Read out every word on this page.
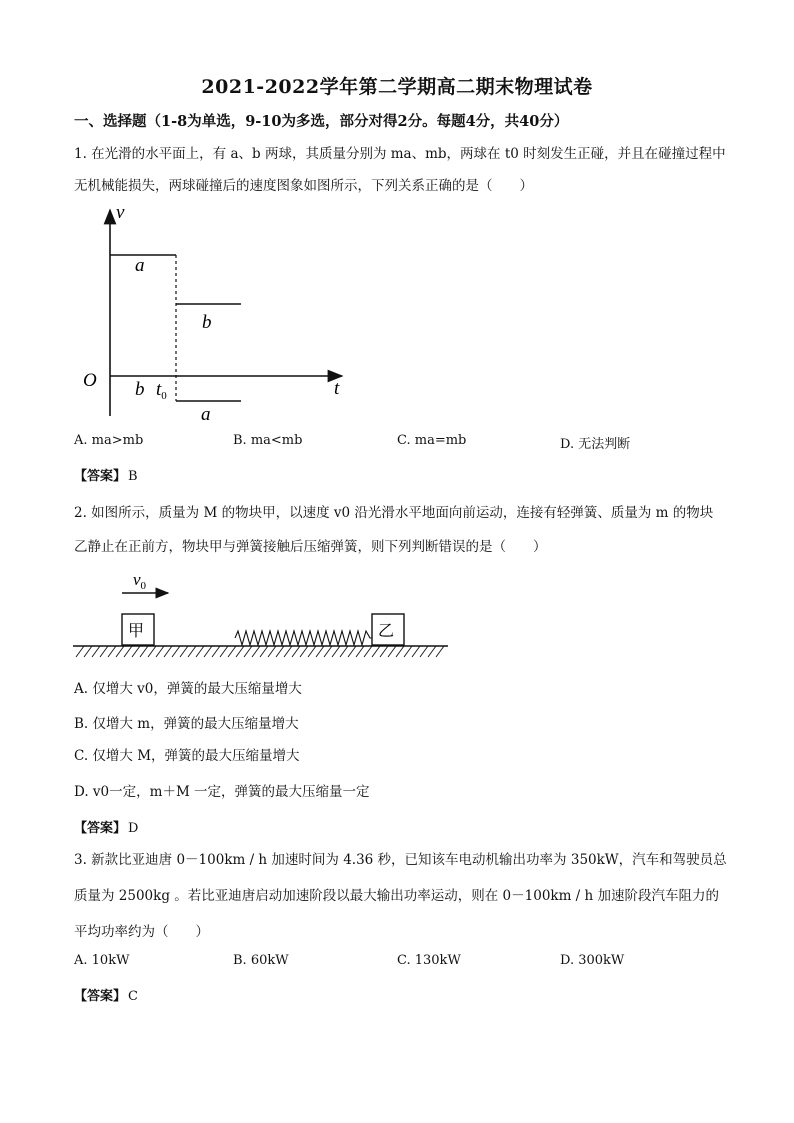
2021-2022学年第二学期高二期末物理试卷
一、选择题（1-8为单选，9-10为多选，部分对得2分。每题4分，共40分）
1. 在光滑的水平面上，有 a、b 两球，其质量分别为 ma、mb，两球在 t0 时刻发生正碰，并且在碰撞过程中
无机械能损失，两球碰撞后的速度图象如图所示，下列关系正确的是（　　）
v
t
O
a
b
b $t_0$
a
A. ma>mb	B. ma<mb	C. ma=mb	D. 无法判断
【答案】 B
2. 如图所示，质量为 M 的物块甲，以速度 v0 沿光滑水平地面向前运动，连接有轻弹簧、质量为 m 的物块
乙静止在正前方，物块甲与弹簧接触后压缩弹簧，则下列判断错误的是（　　）
$v_0$
甲	乙
A. 仅增大 v0，弹簧的最大压缩量增大
B. 仅增大 m，弹簧的最大压缩量增大
C. 仅增大 M，弹簧的最大压缩量增大
D. v0一定，m＋M 一定，弹簧的最大压缩量一定
【答案】 D
3. 新款比亚迪唐 0－100km / h 加速时间为 4.36 秒，已知该车电动机输出功率为 350kW，汽车和驾驶员总
质量为 2500kg 。若比亚迪唐启动加速阶段以最大输出功率运动，则在 0－100km / h 加速阶段汽车阻力的
平均功率约为（　　）
A. 10kW	B. 60kW	C. 130kW	D. 300kW
【答案】 C
